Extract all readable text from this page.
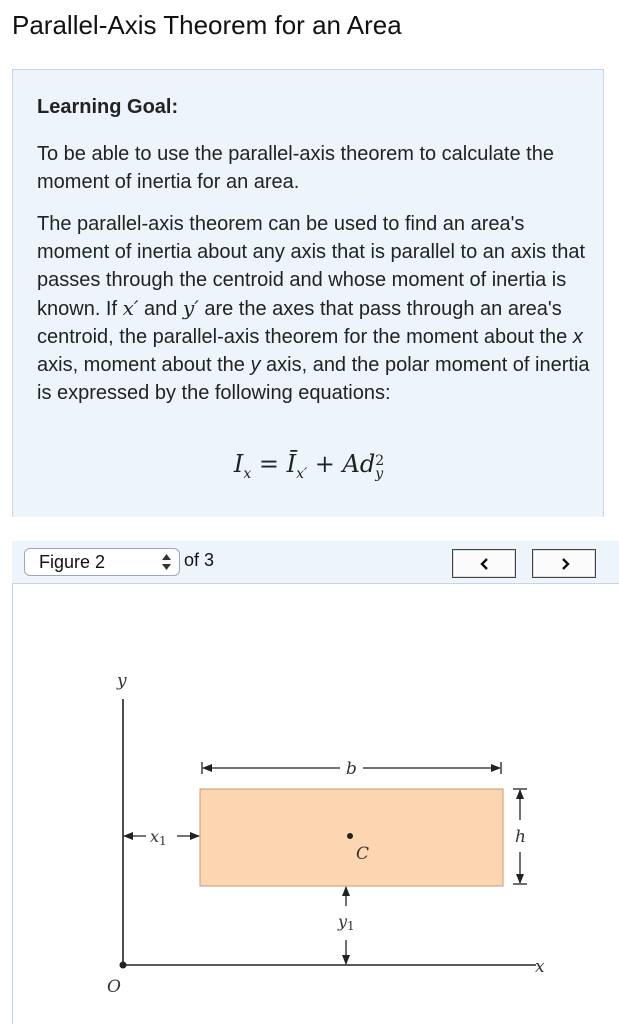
Parallel-Axis Theorem for an Area
Learning Goal:

To be able to use the parallel-axis theorem to calculate the moment of inertia for an area.

The parallel-axis theorem can be used to find an area's moment of inertia about any axis that is parallel to an axis that passes through the centroid and whose moment of inertia is known. If x′ and y′ are the axes that pass through an area's centroid, the parallel-axis theorem for the moment about the x axis, moment about the y axis, and the polar moment of inertia is expressed by the following equations:

$I_x$ = $Ī_{x'} + Ad$ 2
y
Figure 2	of 3
y
x
O
C
b
h
x1
y1
